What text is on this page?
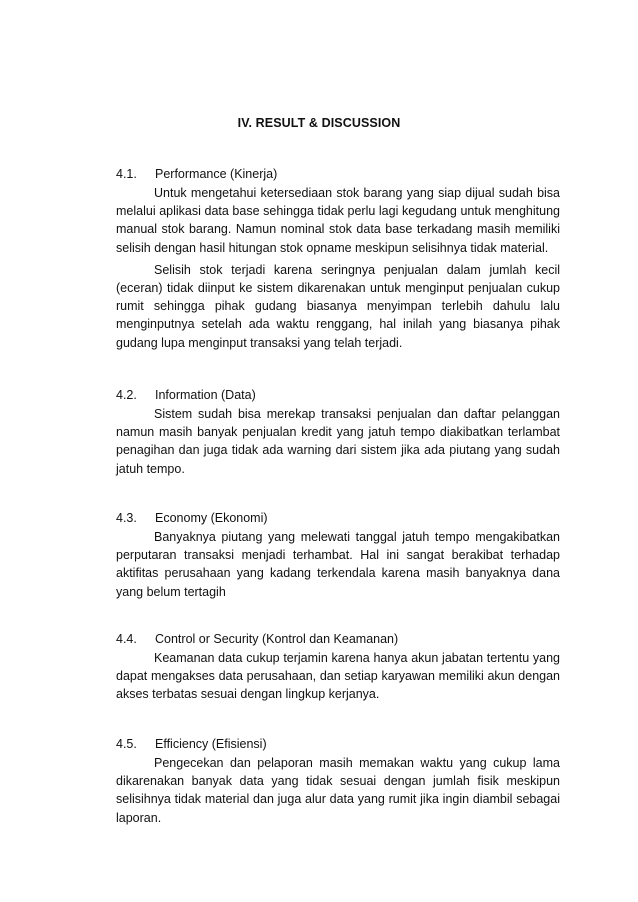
IV. RESULT & DISCUSSION
4.1. Performance (Kinerja)

Untuk mengetahui ketersediaan stok barang yang siap dijual sudah bisa melalui aplikasi data base sehingga tidak perlu lagi kegudang untuk menghitung manual stok barang. Namun nominal stok data base terkadang masih memiliki selisih dengan hasil hitungan stok opname meskipun selisihnya tidak material.

Selisih stok terjadi karena seringnya penjualan dalam jumlah kecil (eceran) tidak diinput ke sistem dikarenakan untuk menginput penjualan cukup rumit sehingga pihak gudang biasanya menyimpan terlebih dahulu lalu menginputnya setelah ada waktu renggang, hal inilah yang biasanya pihak gudang lupa menginput transaksi yang telah terjadi.

4.2. Information (Data)

Sistem sudah bisa merekap transaksi penjualan dan daftar pelanggan namun masih banyak penjualan kredit yang jatuh tempo diakibatkan terlambat penagihan dan juga tidak ada warning dari sistem jika ada piutang yang sudah jatuh tempo.

4.3. Economy (Ekonomi)

Banyaknya piutang yang melewati tanggal jatuh tempo mengakibatkan perputaran transaksi menjadi terhambat. Hal ini sangat berakibat terhadap aktifitas perusahaan yang kadang terkendala karena masih banyaknya dana yang belum tertagih

4.4. Control or Security (Kontrol dan Keamanan)

Keamanan data cukup terjamin karena hanya akun jabatan tertentu yang dapat mengakses data perusahaan, dan setiap karyawan memiliki akun dengan akses terbatas sesuai dengan lingkup kerjanya.

4.5. Efficiency (Efisiensi)

Pengecekan dan pelaporan masih memakan waktu yang cukup lama dikarenakan banyak data yang tidak sesuai dengan jumlah fisik meskipun selisihnya tidak material dan juga alur data yang rumit jika ingin diambil sebagai laporan.
